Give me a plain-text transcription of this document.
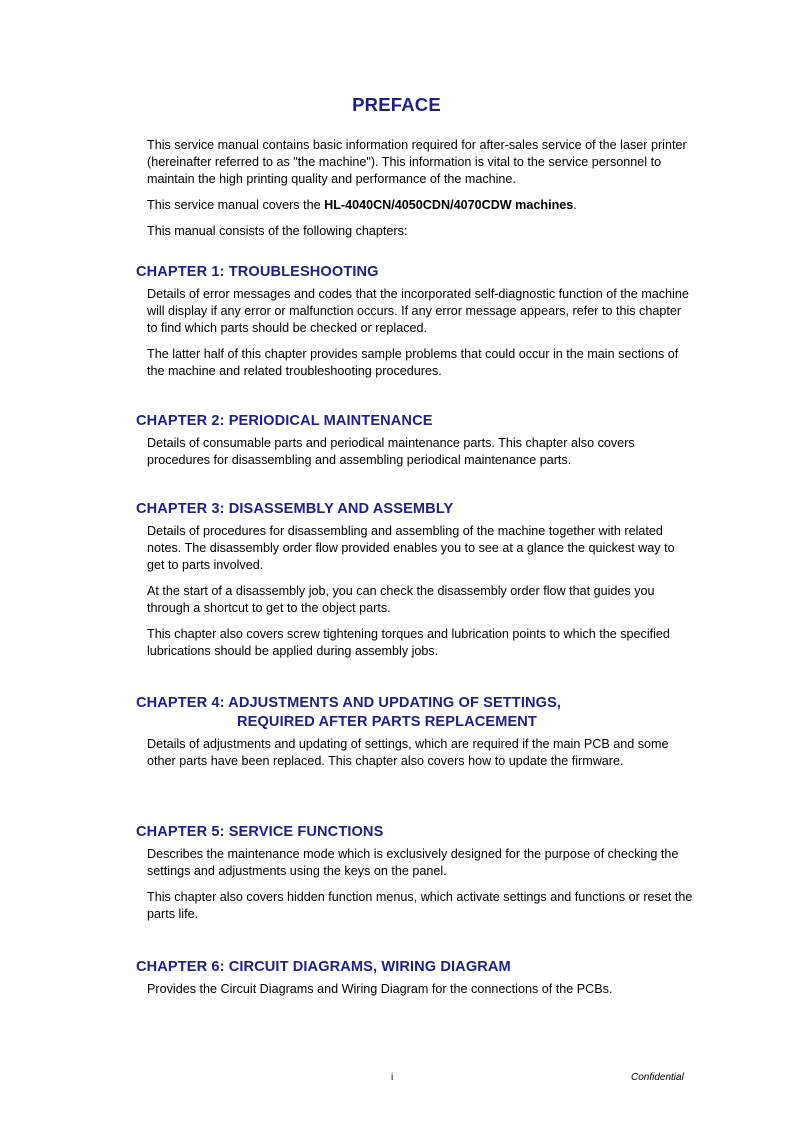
PREFACE

This service manual contains basic information required for after-sales service of the laser printer (hereinafter referred to as "the machine"). This information is vital to the service personnel to maintain the high printing quality and performance of the machine.

This service manual covers the HL-4040CN/4050CDN/4070CDW machines.

This manual consists of the following chapters:

CHAPTER 1: TROUBLESHOOTING

Details of error messages and codes that the incorporated self-diagnostic function of the machine will display if any error or malfunction occurs. If any error message appears, refer to this chapter to find which parts should be checked or replaced.

The latter half of this chapter provides sample problems that could occur in the main sections of the machine and related troubleshooting procedures.

CHAPTER 2: PERIODICAL MAINTENANCE

Details of consumable parts and periodical maintenance parts. This chapter also covers procedures for disassembling and assembling periodical maintenance parts.

CHAPTER 3: DISASSEMBLY AND ASSEMBLY

Details of procedures for disassembling and assembling of the machine together with related notes. The disassembly order flow provided enables you to see at a glance the quickest way to get to parts involved.

At the start of a disassembly job, you can check the disassembly order flow that guides you through a shortcut to get to the object parts.

This chapter also covers screw tightening torques and lubrication points to which the specified lubrications should be applied during assembly jobs.

CHAPTER 4: ADJUSTMENTS AND UPDATING OF SETTINGS,
REQUIRED AFTER PARTS REPLACEMENT

Details of adjustments and updating of settings, which are required if the main PCB and some other parts have been replaced. This chapter also covers how to update the firmware.

CHAPTER 5: SERVICE FUNCTIONS

Describes the maintenance mode which is exclusively designed for the purpose of checking the settings and adjustments using the keys on the panel.

This chapter also covers hidden function menus, which activate settings and functions or reset the parts life.

CHAPTER 6: CIRCUIT DIAGRAMS, WIRING DIAGRAM

Provides the Circuit Diagrams and Wiring Diagram for the connections of the PCBs.

i	Confidential
